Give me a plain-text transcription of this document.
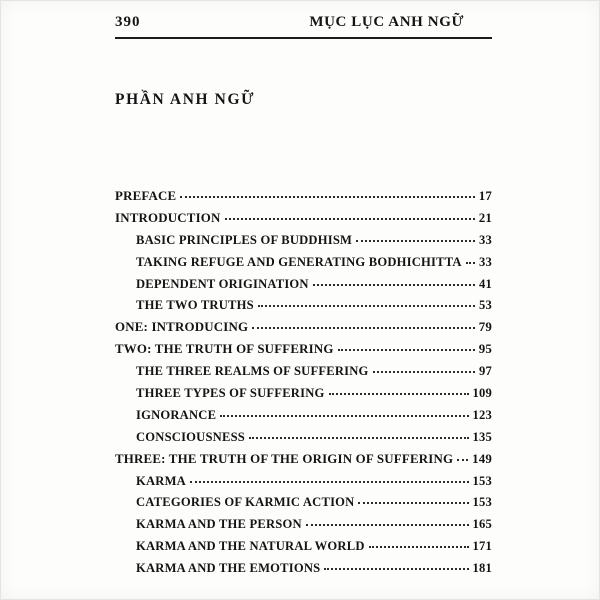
390	MỤC LỤC ANH NGỮ
PHẦN ANH NGỮ
PREFACE	17
INTRODUCTION	21
BASIC PRINCIPLES OF BUDDHISM	33
TAKING REFUGE AND GENERATING BODHICHITTA 33
DEPENDENT ORIGINATION	41
THE TWO TRUTHS	53
ONE: INTRODUCING	79
TWO: THE TRUTH OF SUFFERING	95
THE THREE REALMS OF SUFFERING	97
THREE TYPES OF SUFFERING	109
IGNORANCE	123
CONSCIOUSNESS	135
THREE: THE TRUTH OF THE ORIGIN OF SUFFERING 149
KARMA	153
CATEGORIES OF KARMIC ACTION	153
KARMA AND THE PERSON	165
KARMA AND THE NATURAL WORLD	171
KARMA AND THE EMOTIONS	181
